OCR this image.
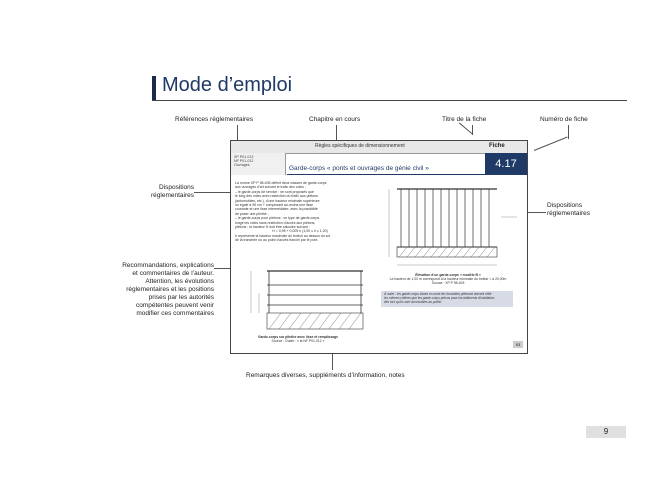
Mode d’emploi
Références réglementaires	Chapitre en cours	Titre de la fiche	Numéro de fiche
Dispositions
réglementaires
Recommandations, explications
et commentaires de l’auteur.
Attention, les évolutions
réglementaires et les positions
prises par les autorités
compétentes peuvent venir
modifier ces commentaires
Dispositions
réglementaires
Remarques diverses, suppléments d’information, notes
Règles spécifiques de dimensionnement	Fiche
XP P01-013
NF P01-012
Ouvrages	Garde-corps « ponts et ouvrages de génie civil »	4.17
La norme XP P 98-405 définit deux classes de garde-corps
aux ouvrages d’art suivant le trafic des voies :
– le garde-corps de service : ne sont proposés que
le long des voies avec restriction du trafic aux piétons
(automobiles, etc.), d’une hauteur minimale supérieure
ou égale à 90 cm + composant au-moins une lisse
courante et une lisse intermédiaire, avec la possibilité
de poser une plinthe ;
– le garde-corps pour piétons : ce type de garde-corps
longe les voies sans restriction d’accès aux piétons,
piétons : la hauteur H doit être calculée suivant :
H = 0,95 + 0,005 h (1,00 ≤ h ≤ 1,20)
h représente la hauteur maximale du trottoir au dessus du sol
de la tranchée ou au point d’accès franchi par le pont.
Élévation d’un garde-corps « modèle B »
La hauteur de 1,00 m correspond à la hauteur minimale du trottoir = à 20,00m
Source : XP P 98-405
À noter : les garde-corps situés en zone de circulation piétonne doivent offrir
les mêmes critères que les garde-corps prévus pour les bâtiments d’habitation
dès lors qu’ils sont accessibles au public.
Garde-corps sur plinthe avec lisse et remplissage
Source : Guide : « la NF P01-012 »
93
9
